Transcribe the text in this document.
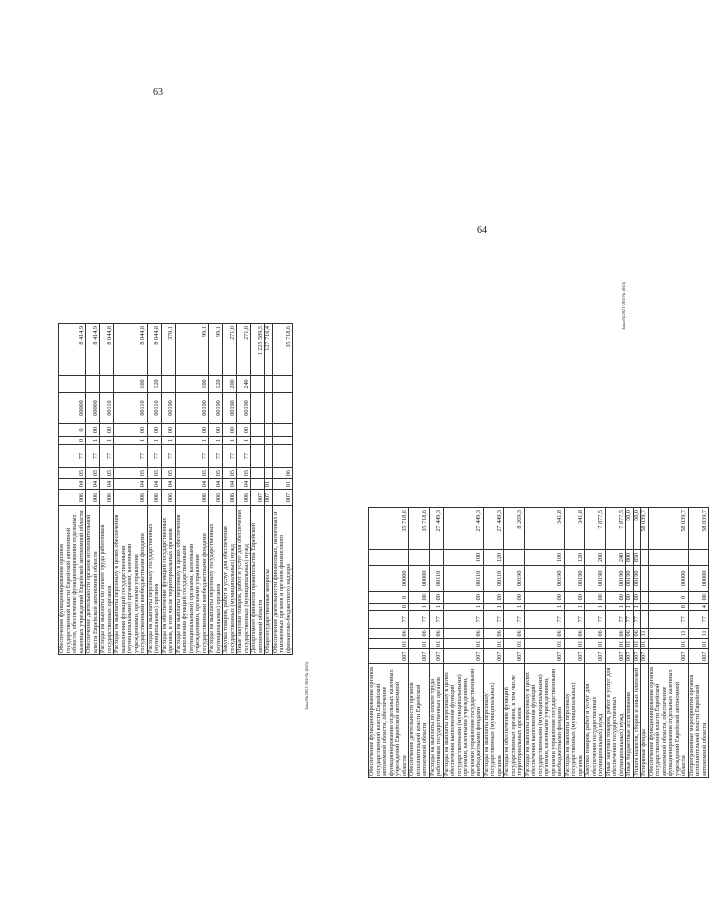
63
64
Обеспечение функционирования органов государственной власти Еврейской автономной области, обеспечение функционирования отдельных казенных учреждений Еврейской автономной области	006	04	05	77	0	0	00000		8 414,9
Обеспечение деятельности органов исполнительной власти Еврейской автономной области	006	04	05	77	1	00	00000		8 414,9
Расходы на выплаты по оплате труда работников государственных органов	006	04	05	77	1	00	00110		8 044,8
Расходы на выплаты персоналу в целях обеспечения выполнения функций государственными (муниципальными) органами, казенными учреждениями, органами управления государственными внебюджетными фондами	006	04	05	77	1	00	00110	100	8 044,8
Расходы на выплаты персоналу государственных (муниципальных) органов	006	04	05	77	1	00	00110	120	8 044,8
Расходы на обеспечение функций государственных органов, в том числе территориальных органов	006	04	05	77	1	00	00190		370,1
Расходы на выплаты персоналу в целях обеспечения выполнения функций государственными (муниципальными) органами, казенными учреждениями, органами управления государственными внебюджетными фондами	006	04	05	77	1	00	00190	100	99,1
Расходы на выплаты персоналу государственных (муниципальных) органов	006	04	05	77	1	00	00190	120	99,1
Закупка товаров, работ и услуг для обеспечения государственных (муниципальных) нужд	006	04	05	77	1	00	00190	200	271,0
Иные закупки товаров, работ и услуг для обеспечения государственных (муниципальных) нужд	006	04	05	77	1	00	00190	240	271,0
Департамент финансов правительства Еврейской автономной области	007								1 225 589,5
Общегосударственные вопросы	007	01							127 716,4
Обеспечение деятельности финансовых, налоговых и таможенных органов и органов финансового (финансово-бюджетного) надзора	007	01	06						35 718,6
Обеспечение функционирования органов государственной власти Еврейской автономной области, обеспечение функционирования отдельных казенных учреждений Еврейской автономной области	007	01	06	77	0	0	00000		35 718,6
Обеспечение деятельности органов исполнительной власти Еврейской автономной области	007	01	06	77	1	00	00000		35 718,6
Расходы на выплаты по оплате труда работников государственных органов	007	01	06	77	1	00	00110		27 449,3
Расходы на выплаты персоналу в целях обеспечения выполнения функций государственными (муниципальными) органами, казенными учреждениями, органами управления государственными внебюджетными фондами	007	01	06	77	1	00	00110	100	27 449,3
Расходы на выплаты персоналу государственных (муниципальных) органов	007	01	06	77	1	00	00110	120	27 449,3
Расходы на обеспечение функций государственных органов, в том числе территориальных органов	007	01	06	77	1	00	00190		8 269,3
Расходы на выплаты персоналу в целях обеспечения выполнения функций государственными (муниципальными) органами, казенными учреждениями, органами управления государственными внебюджетными фондами	007	01	06	77	1	00	00190	100	341,8
Расходы на выплаты персоналу государственных (муниципальных) органов	007	01	06	77	1	00	00190	120	341,8
Закупка товаров, работ и услуг для обеспечения государственных (муниципальных) нужд	007	01	06	77	1	00	00190	200	7 877,5
Иные закупки товаров, работ и услуг для обеспечения государственных (муниципальных) нужд	007	01	06	77	1	00	00190	240	7 877,5
Иные бюджетные ассигнования	007	01	06	77	1	00	00190	800	50,0
Уплата налогов, сборов и иных платежей	007	01	06	77	1	00	00190	850	50,0
Резервные фонды	007	01	11						58 039,7
Обеспечение функционирования органов государственной власти Еврейской автономной области, обеспечение функционирования отдельных казенных учреждений Еврейской автономной области	007	01	11	77	0	0	00000		58 039,7
Непрограммные мероприятия органов исполнительной власти Еврейской автономной области	007	01	11	77	4	00	00000		58 039,7
Заказ№2021-204-№ (045)
Заказ№2021-204-№ (045)
